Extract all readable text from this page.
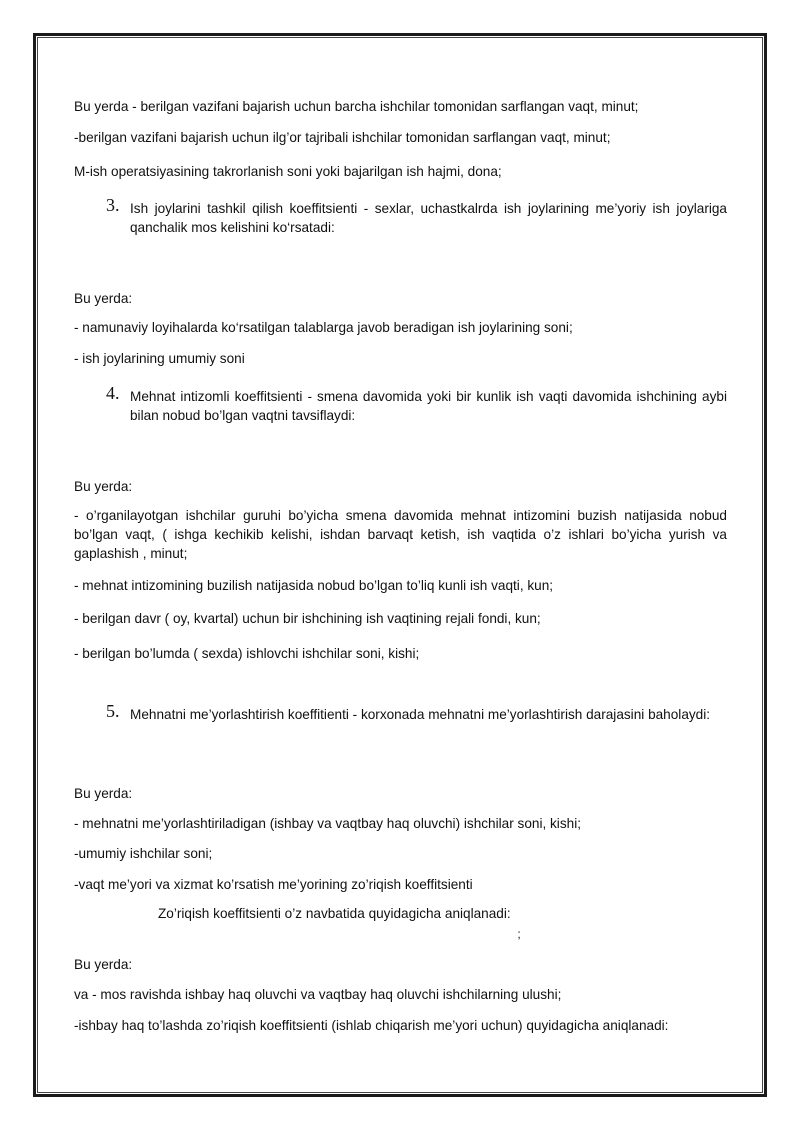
Bu yerda - berilgan vazifani bajarish uchun barcha ishchilar tomonidan sarflangan vaqt, minut;
-berilgan vazifani bajarish uchun ilg’or tajribali ishchilar tomonidan sarflangan vaqt, minut;
M-ish operatsiyasining takrorlanish soni yoki bajarilgan ish hajmi, dona;
3. Ish joylarini tashkil qilish koeffitsienti - sexlar, uchastkalrda ish joylarining me’yoriy ish joylariga qanchalik mos kelishini ko‘rsatadi:
Bu yerda:
- namunaviy loyihalarda ko‘rsatilgan talablarga javob beradigan ish joylarining soni;
- ish joylarining umumiy soni
4. Mehnat intizomli koeffitsienti - smena davomida yoki bir kunlik ish vaqti davomida ishchining aybi bilan nobud bo’lgan vaqtni tavsiflaydi:
Bu yerda:
- o’rganilayotgan ishchilar guruhi bo’yicha smena davomida mehnat intizomini buzish natijasida nobud bo’lgan vaqt, ( ishga kechikib kelishi, ishdan barvaqt ketish, ish vaqtida o’z ishlari bo’yicha yurish va gaplashish , minut;
- mehnat intizomining buzilish natijasida nobud bo’lgan to’liq kunli ish vaqti, kun;
- berilgan davr ( oy, kvartal) uchun bir ishchining ish vaqtining rejali fondi, kun;
- berilgan bo’lumda ( sexda) ishlovchi ishchilar soni, kishi;
5. Mehnatni me’yorlashtirish koeffitienti - korxonada mehnatni me’yorlashtirish darajasini baholaydi:
Bu yerda:
- mehnatni me’yorlashtiriladigan (ishbay va vaqtbay haq oluvchi) ishchilar soni, kishi;
-umumiy ishchilar soni;
-vaqt me’yori va xizmat ko’rsatish me’yorining zo’riqish koeffitsienti
Zo’riqish koeffitsienti o’z navbatida quyidagicha aniqlanadi:
;
Bu yerda:
va - mos ravishda ishbay haq oluvchi va vaqtbay haq oluvchi ishchilarning ulushi;
-ishbay haq to’lashda zo’riqish koeffitsienti (ishlab chiqarish me’yori uchun) quyidagicha aniqlanadi:
